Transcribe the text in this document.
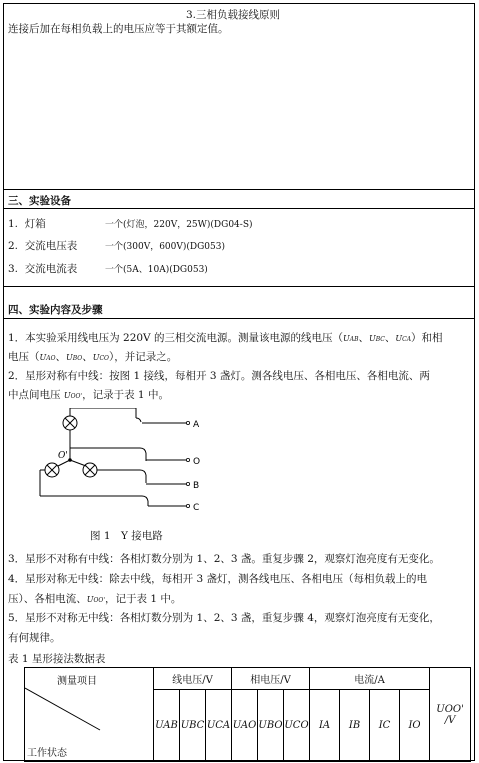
3.三相负载接线原则
连接后加在每相负载上的电压应等于其额定值。
三、实验设备
1. 灯箱	一个(灯泡，220V，25W)(DG04-S)
2. 交流电压表	一个(300V，600V)(DG053)
3. 交流电流表	一个(5A、10A)(DG053)
四、实验内容及步骤
1．本实验采用线电压为 220V 的三相交流电源。测量该电源的线电压（UAB、UBC、UCA）和相
电压（UAO、UBO、UCO），并记录之。
2．星形对称有中线：按图 1 接线，每相开 3 盏灯。测各线电压、各相电压、各相电流、两
中点间电压 UOO'，记录于表 1 中。
O'
A
O
B
C
图 1　Y 接电路
3．星形不对称有中线：各相灯数分别为 1、2、3 盏。重复步骤 2，观察灯泡亮度有无变化。
4．星形对称无中线：除去中线，每相开 3 盏灯，测各线电压、各相电压（每相负载上的电
压）、各相电流、UOO'，记于表 1 中。
5．星形不对称无中线：各相灯数分别为 1、2、3 盏，重复步骤 4，观察灯泡亮度有无变化，
有何规律。
表 1 星形接法数据表
测量项目
工作状态	线电压/V			相电压/V			电流/A				UOO' /V
	UAB	UBC	UCA	UAO	UBO	UCO	IA	IB	IC	IO	
